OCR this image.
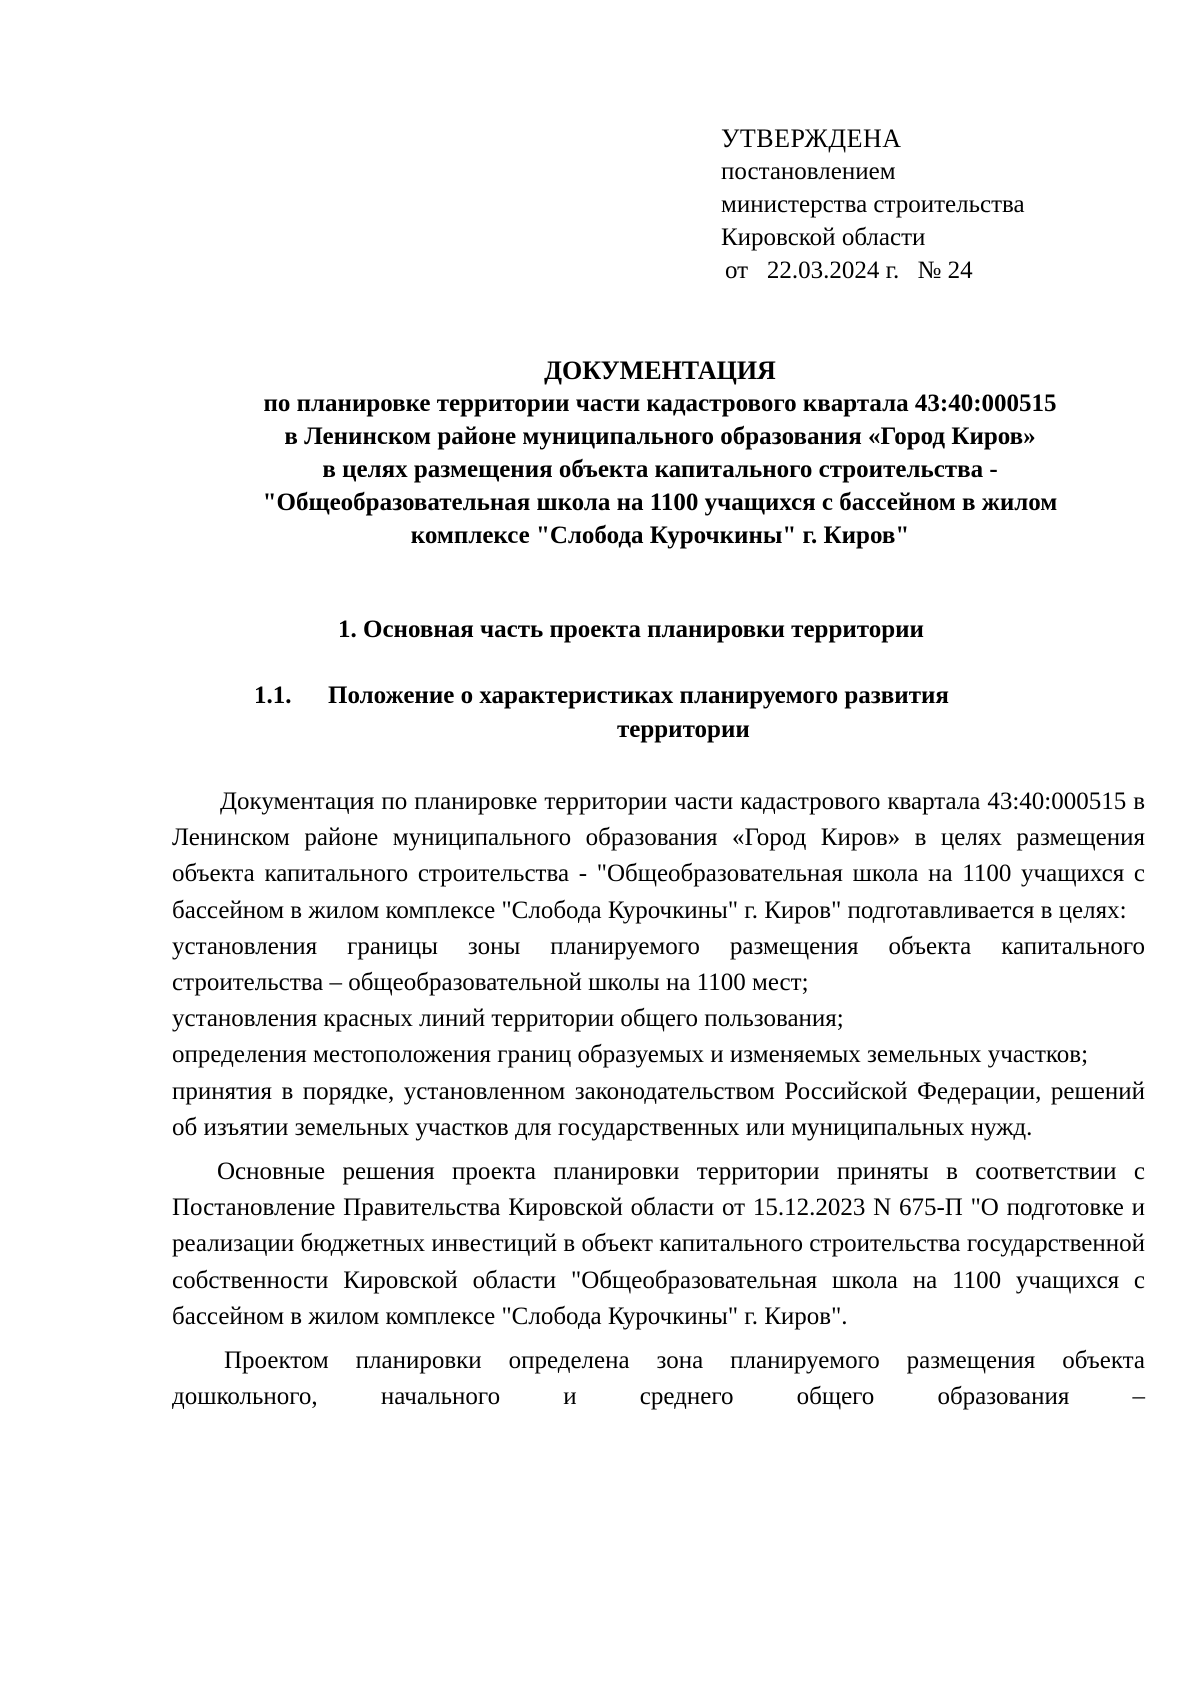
УТВЕРЖДЕНА
постановлением
министерства строительства
Кировской области
от 22.03.2024 г. № 24
ДОКУМЕНТАЦИЯ
по планировке территории части кадастрового квартала 43:40:000515
в Ленинском районе муниципального образования «Город Киров»
в целях размещения объекта капитального строительства -
"Общеобразовательная школа на 1100 учащихся с бассейном в жилом
комплексе "Слобода Курочкины" г. Киров"
1. Основная часть проекта планировки территории
1.1. Положение о характеристиках планируемого развития
территории

Документация по планировке территории части кадастрового квартала 43:40:000515 в Ленинском районе муниципального образования «Город Киров» в целях размещения объекта капитального строительства - "Общеобразовательная школа на 1100 учащихся с бассейном в жилом комплексе "Слобода Курочкины" г. Киров" подготавливается в целях:

установления границы зоны планируемого размещения объекта капитального строительства – общеобразовательной школы на 1100 мест;

установления красных линий территории общего пользования;

определения местоположения границ образуемых и изменяемых земельных участков;

принятия в порядке, установленном законодательством Российской Федерации, решений об изъятии земельных участков для государственных или муниципальных нужд.

Основные решения проекта планировки территории приняты в соответствии с Постановление Правительства Кировской области от 15.12.2023 N 675-П "О подготовке и реализации бюджетных инвестиций в объект капитального строительства государственной собственности Кировской области "Общеобразовательная школа на 1100 учащихся с бассейном в жилом комплексе "Слобода Курочкины" г. Киров".

Проектом планировки определена зона планируемого размещения объекта дошкольного, начального и среднего общего образования –
